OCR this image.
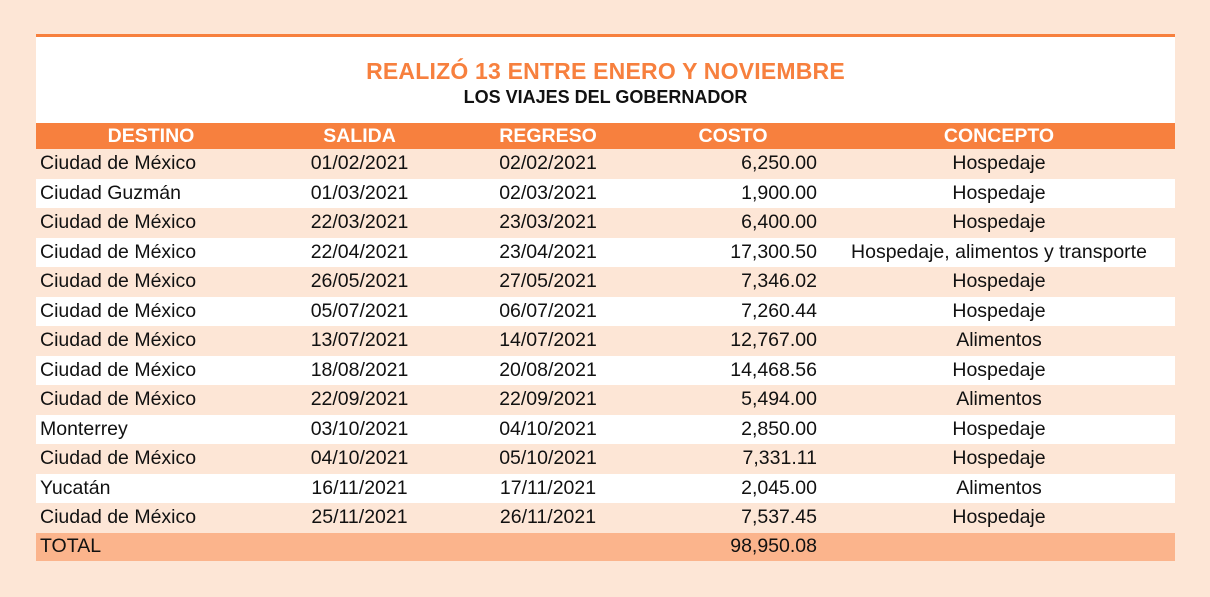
REALIZÓ 13 ENTRE ENERO Y NOVIEMBRE
LOS VIAJES DEL GOBERNADOR
DESTINO	SALIDA	REGRESO	COSTO	CONCEPTO
Ciudad de México	01/02/2021	02/02/2021	6,250.00	Hospedaje
Ciudad Guzmán	01/03/2021	02/03/2021	1,900.00	Hospedaje
Ciudad de México	22/03/2021	23/03/2021	6,400.00	Hospedaje
Ciudad de México	22/04/2021	23/04/2021	17,300.50	Hospedaje, alimentos y transporte
Ciudad de México	26/05/2021	27/05/2021	7,346.02	Hospedaje
Ciudad de México	05/07/2021	06/07/2021	7,260.44	Hospedaje
Ciudad de México	13/07/2021	14/07/2021	12,767.00	Alimentos
Ciudad de México	18/08/2021	20/08/2021	14,468.56	Hospedaje
Ciudad de México	22/09/2021	22/09/2021	5,494.00	Alimentos
Monterrey	03/10/2021	04/10/2021	2,850.00	Hospedaje
Ciudad de México	04/10/2021	05/10/2021	7,331.11	Hospedaje
Yucatán	16/11/2021	17/11/2021	2,045.00	Alimentos
Ciudad de México	25/11/2021	26/11/2021	7,537.45	Hospedaje
TOTAL			98,950.08	
